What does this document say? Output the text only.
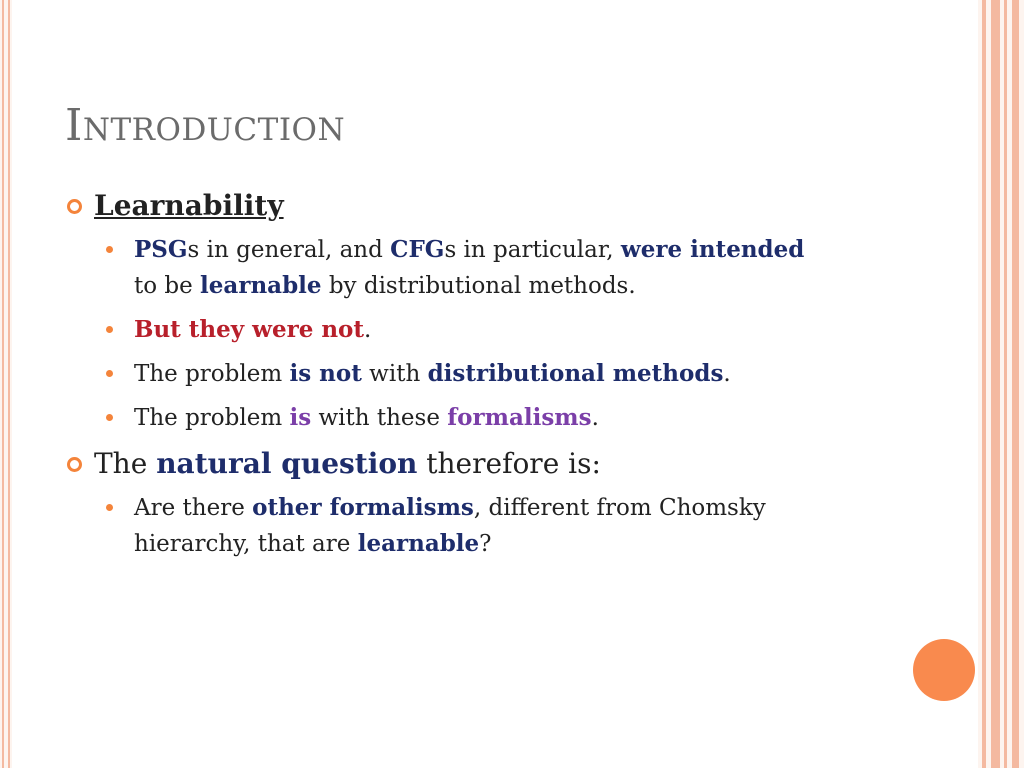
Introduction
Learnability
PSGs in general, and CFGs in particular, were intended to be learnable by distributional methods.
But they were not.
The problem is not with distributional methods.
The problem is with these formalisms.
The natural question therefore is:
Are there other formalisms, different from Chomsky hierarchy, that are learnable?
